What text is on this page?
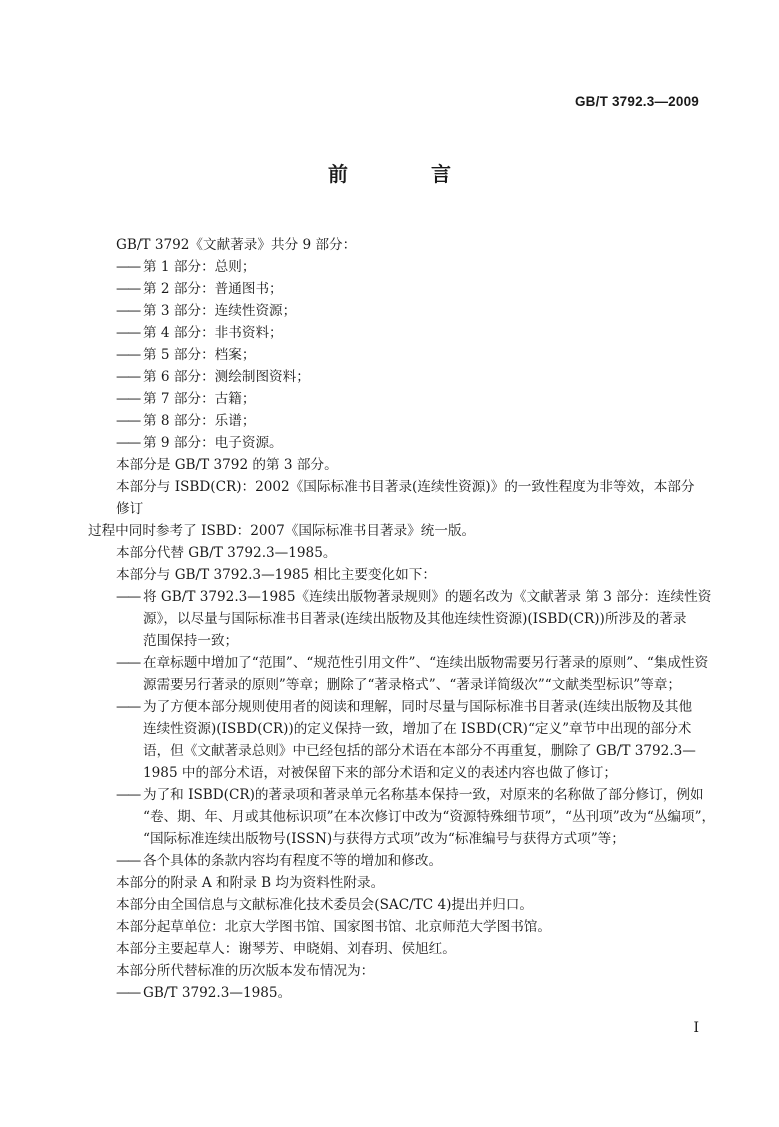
GB/T 3792.3—2009
前 言

GB/T 3792《文献著录》共分 9 部分：

—— 第 1 部分：总则；

—— 第 2 部分：普通图书；

—— 第 3 部分：连续性资源；

—— 第 4 部分：非书资料；

—— 第 5 部分：档案；

—— 第 6 部分：测绘制图资料；

—— 第 7 部分：古籍；

—— 第 8 部分：乐谱；

—— 第 9 部分：电子资源。

本部分是 GB/T 3792 的第 3 部分。

本部分与 ISBD(CR)：2002《国际标准书目著录(连续性资源)》的一致性程度为非等效，本部分修订

过程中同时参考了 ISBD：2007《国际标准书目著录》统一版。

本部分代替 GB/T 3792.3—1985。

本部分与 GB/T 3792.3—1985 相比主要变化如下：

—— 将 GB/T 3792.3—1985《连续出版物著录规则》的题名改为《文献著录 第 3 部分：连续性资
源》，以尽量与国际标准书目著录(连续出版物及其他连续性资源)(ISBD(CR))所涉及的著录
范围保持一致；
—— 在章标题中增加了“范围”、“规范性引用文件”、“连续出版物需要另行著录的原则”、“集成性资
源需要另行著录的原则”等章；删除了“著录格式”、“著录详简级次”“文献类型标识”等章；
—— 为了方便本部分规则使用者的阅读和理解，同时尽量与国际标准书目著录(连续出版物及其他
连续性资源)(ISBD(CR))的定义保持一致，增加了在 ISBD(CR)“定义”章节中出现的部分术
语，但《文献著录总则》中已经包括的部分术语在本部分不再重复，删除了 GB/T 3792.3—
1985 中的部分术语，对被保留下来的部分术语和定义的表述内容也做了修订；
—— 为了和 ISBD(CR)的著录项和著录单元名称基本保持一致，对原来的名称做了部分修订，例如
“卷、期、年、月或其他标识项”在本次修订中改为“资源特殊细节项”，“丛刊项”改为“丛编项”，
“国际标准连续出版物号(ISSN)与获得方式项”改为“标准编号与获得方式项”等；
—— 各个具体的条款内容均有程度不等的增加和修改。

本部分的附录 A 和附录 B 均为资料性附录。

本部分由全国信息与文献标准化技术委员会(SAC/TC 4)提出并归口。

本部分起草单位：北京大学图书馆、国家图书馆、北京师范大学图书馆。

本部分主要起草人：谢琴芳、申晓娟、刘春玥、侯旭红。

本部分所代替标准的历次版本发布情况为：

—— GB/T 3792.3—1985。

I
